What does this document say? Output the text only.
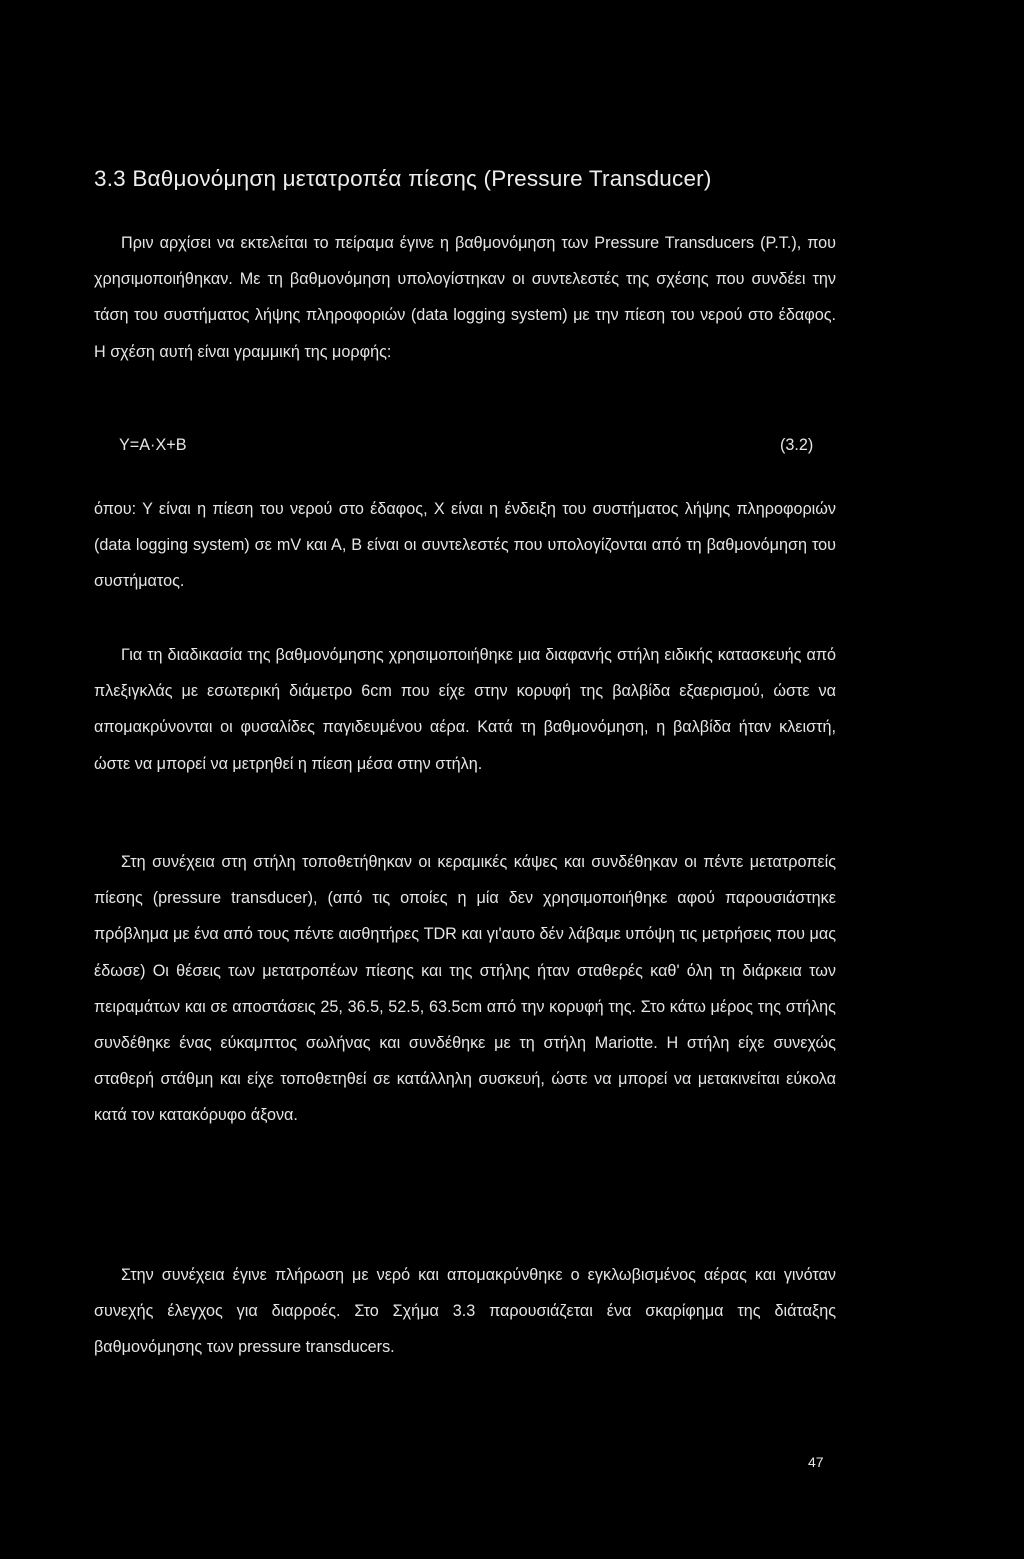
3.3 Βαθμονόμηση μετατροπέα πίεσης (Pressure Transducer)

Πριν αρχίσει να εκτελείται το πείραμα έγινε η βαθμονόμηση των Pressure Transducers (P.T.), που χρησιμοποιήθηκαν. Με τη βαθμονόμηση υπολογίστηκαν οι συντελεστές της σχέσης που συνδέει την τάση του συστήματος λήψης πληροφοριών (data logging system) με την πίεση του νερού στο έδαφος. Η σχέση αυτή είναι γραμμική της μορφής:

Y=A·X+B	(3.2)

όπου: Υ είναι η πίεση του νερού στο έδαφος, Χ είναι η ένδειξη του συστήματος λήψης πληροφοριών (data logging system) σε mV και Α, Β είναι οι συντελεστές που υπολογίζονται από τη βαθμονόμηση του συστήματος.

Για τη διαδικασία της βαθμονόμησης χρησιμοποιήθηκε μια διαφανής στήλη ειδικής κατασκευής από πλεξιγκλάς με εσωτερική διάμετρο 6cm που είχε στην κορυφή της βαλβίδα εξαερισμού, ώστε να απομακρύνονται οι φυσαλίδες παγιδευμένου αέρα. Κατά τη βαθμονόμηση, η βαλβίδα ήταν κλειστή, ώστε να μπορεί να μετρηθεί η πίεση μέσα στην στήλη.

Στη συνέχεια στη στήλη τοποθετήθηκαν οι κεραμικές κάψες και συνδέθηκαν οι πέντε μετατροπείς πίεσης (pressure transducer), (από τις οποίες η μία δεν χρησιμοποιήθηκε αφού παρουσιάστηκε πρόβλημα με ένα από τους πέντε αισθητήρες TDR και γι'αυτο δέν λάβαμε υπόψη τις μετρήσεις που μας έδωσε) Οι θέσεις των μετατροπέων πίεσης και της στήλης ήταν σταθερές καθ' όλη τη διάρκεια των πειραμάτων και σε αποστάσεις 25, 36.5, 52.5, 63.5cm από την κορυφή της. Στο κάτω μέρος της στήλης συνδέθηκε ένας εύκαμπτος σωλήνας και συνδέθηκε με τη στήλη Mariotte. Η στήλη είχε συνεχώς σταθερή στάθμη και είχε τοποθετηθεί σε κατάλληλη συσκευή, ώστε να μπορεί να μετακινείται εύκολα κατά τον κατακόρυφο άξονα.

Στην συνέχεια έγινε πλήρωση με νερό και απομακρύνθηκε ο εγκλωβισμένος αέρας και γινόταν συνεχής έλεγχος για διαρροές. Στο Σχήμα 3.3 παρουσιάζεται ένα σκαρίφημα της διάταξης βαθμονόμησης των pressure transducers.

47
